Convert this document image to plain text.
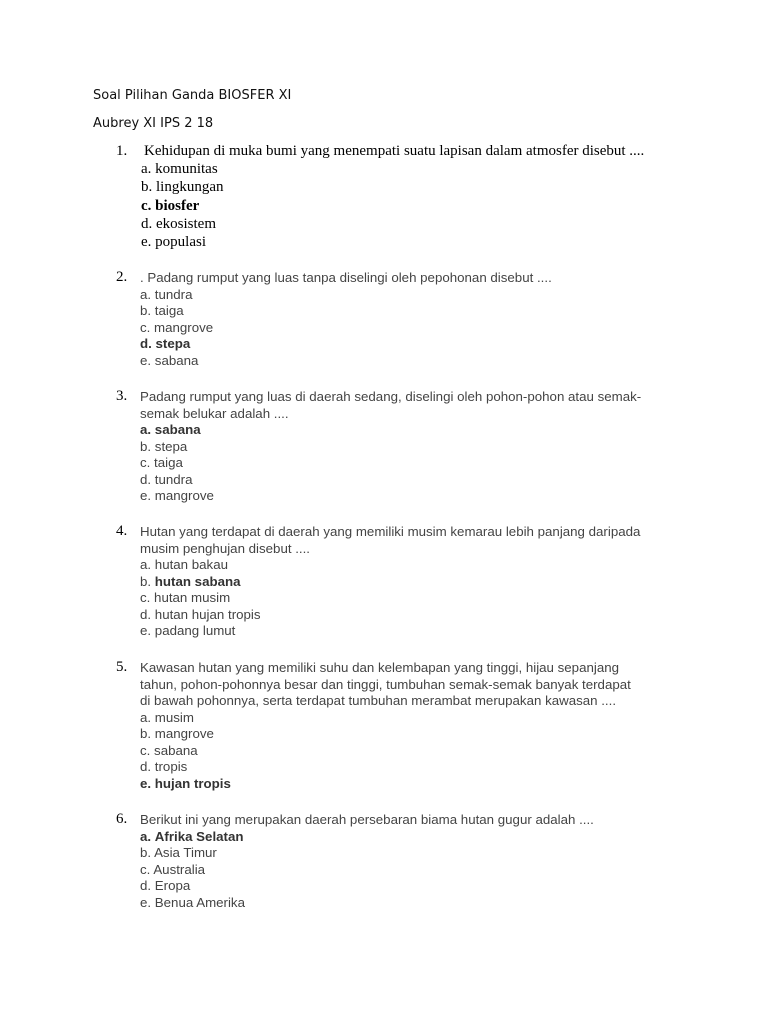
Soal Pilihan Ganda BIOSFER XI
Aubrey XI IPS 2 18
1. Kehidupan di muka bumi yang menempati suatu lapisan dalam atmosfer disebut ....
a. komunitas
b. lingkungan
c. biosfer
d. ekosistem
e. populasi
2. . Padang rumput yang luas tanpa diselingi oleh pepohonan disebut ....
a. tundra
b. taiga
c. mangrove
d. stepa
e. sabana
3. Padang rumput yang luas di daerah sedang, diselingi oleh pohon-pohon atau semak-
semak belukar adalah ....
a. sabana
b. stepa
c. taiga
d. tundra
e. mangrove
4. Hutan yang terdapat di daerah yang memiliki musim kemarau lebih panjang daripada
musim penghujan disebut ....
a. hutan bakau
b. hutan sabana
c. hutan musim
d. hutan hujan tropis
e. padang lumut
5. Kawasan hutan yang memiliki suhu dan kelembapan yang tinggi, hijau sepanjang
tahun, pohon-pohonnya besar dan tinggi, tumbuhan semak-semak banyak terdapat
di bawah pohonnya, serta terdapat tumbuhan merambat merupakan kawasan ....
a. musim
b. mangrove
c. sabana
d. tropis
e. hujan tropis
6. Berikut ini yang merupakan daerah persebaran biama hutan gugur adalah ....
a. Afrika Selatan
b. Asia Timur
c. Australia
d. Eropa
e. Benua Amerika
